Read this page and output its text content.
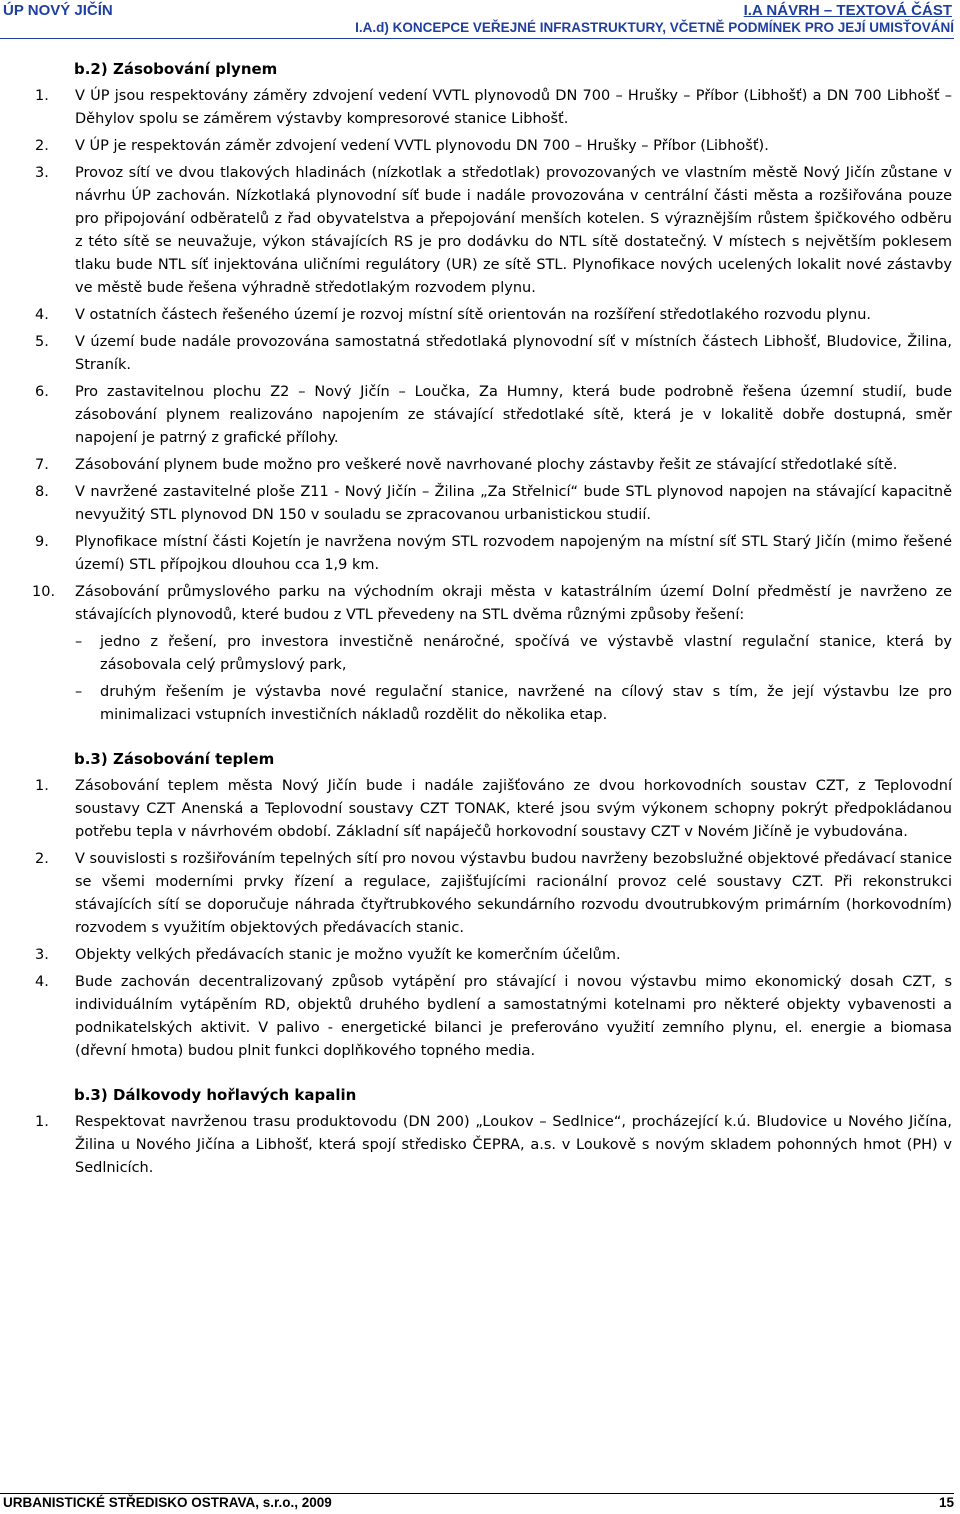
ÚP NOVÝ JIČÍN	I.A NÁVRH – TEXTOVÁ ČÁST
I.A.d) KONCEPCE VEŘEJNÉ INFRASTRUKTURY, VČETNĚ PODMÍNEK PRO JEJÍ UMISŤOVÁNÍ
b.2) Zásobování plynem
1. V ÚP jsou respektovány záměry zdvojení vedení VVTL plynovodů DN 700 – Hrušky – Příbor (Libhošť) a DN 700 Libhošť – Děhylov spolu se záměrem výstavby kompresorové stanice Libhošť.
2. V ÚP je respektován záměr zdvojení vedení VVTL plynovodu DN 700 – Hrušky – Příbor (Libhošť).
3. Provoz sítí ve dvou tlakových hladinách (nízkotlak a středotlak) provozovaných ve vlastním městě Nový Jičín zůstane v návrhu ÚP zachován. Nízkotlaká plynovodní síť bude i nadále provozována v centrální části města a rozšiřována pouze pro připojování odběratelů z řad obyvatelstva a přepojování menších kotelen. S výraznějším růstem špičkového odběru z této sítě se neuvažuje, výkon stávajících RS je pro dodávku do NTL sítě dostatečný. V místech s největším poklesem tlaku bude NTL síť injektována uličními regulátory (UR) ze sítě STL. Plynofikace nových ucelených lokalit nové zástavby ve městě bude řešena výhradně středotlakým rozvodem plynu.
4. V ostatních částech řešeného území je rozvoj místní sítě orientován na rozšíření středotlakého rozvodu plynu.
5. V území bude nadále provozována samostatná středotlaká plynovodní síť v místních částech Libhošť, Bludovice, Žilina, Straník.
6. Pro zastavitelnou plochu Z2 – Nový Jičín – Loučka, Za Humny, která bude podrobně řešena územní studií, bude zásobování plynem realizováno napojením ze stávající středotlaké sítě, která je v lokalitě dobře dostupná, směr napojení je patrný z grafické přílohy.
7. Zásobování plynem bude možno pro veškeré nově navrhované plochy zástavby řešit ze stávající středotlaké sítě.
8. V navržené zastavitelné ploše Z11 - Nový Jičín – Žilina „Za Střelnicí“ bude STL plynovod napojen na stávající kapacitně nevyužitý STL plynovod DN 150 v souladu se zpracovanou urbanistickou studií.
9. Plynofikace místní části Kojetín je navržena novým STL rozvodem napojeným na místní síť STL Starý Jičín (mimo řešené území) STL přípojkou dlouhou cca 1,9 km.
10. Zásobování průmyslového parku na východním okraji města v katastrálním území Dolní předměstí je navrženo ze stávajících plynovodů, které budou z VTL převedeny na STL dvěma různými způsoby řešení:
– jedno z řešení, pro investora investičně nenáročné, spočívá ve výstavbě vlastní regulační stanice, která by zásobovala celý průmyslový park,
– druhým řešením je výstavba nové regulační stanice, navržené na cílový stav s tím, že její výstavbu lze pro minimalizaci vstupních investičních nákladů rozdělit do několika etap.
b.3) Zásobování teplem
1. Zásobování teplem města Nový Jičín bude i nadále zajišťováno ze dvou horkovodních soustav CZT, z Teplovodní soustavy CZT Anenská a Teplovodní soustavy CZT TONAK, které jsou svým výkonem schopny pokrýt předpokládanou potřebu tepla v návrhovém období. Základní síť napáječů horkovodní soustavy CZT v Novém Jičíně je vybudována.
2. V souvislosti s rozšiřováním tepelných sítí pro novou výstavbu budou navrženy bezobslužné objektové předávací stanice se všemi moderními prvky řízení a regulace, zajišťujícími racionální provoz celé soustavy CZT. Při rekonstrukci stávajících sítí se doporučuje náhrada čtyřtrubkového sekundárního rozvodu dvoutrubkovým primárním (horkovodním) rozvodem s využitím objektových předávacích stanic.
3. Objekty velkých předávacích stanic je možno využít ke komerčním účelům.
4. Bude zachován decentralizovaný způsob vytápění pro stávající i novou výstavbu mimo ekonomický dosah CZT, s individuálním vytápěním RD, objektů druhého bydlení a samostatnými kotelnami pro některé objekty vybavenosti a podnikatelských aktivit. V palivo - energetické bilanci je preferováno využití zemního plynu, el. energie a biomasa (dřevní hmota) budou plnit funkci doplňkového topného media.
b.3) Dálkovody hořlavých kapalin
1. Respektovat navrženou trasu produktovodu (DN 200) „Loukov – Sedlnice“, procházející k.ú. Bludovice u Nového Jičína, Žilina u Nového Jičína a Libhošť, která spojí středisko ČEPRA, a.s. v Loukově s novým skladem pohonných hmot (PH) v Sedlnicích.
URBANISTICKÉ STŘEDISKO OSTRAVA, s.r.o., 2009	15
